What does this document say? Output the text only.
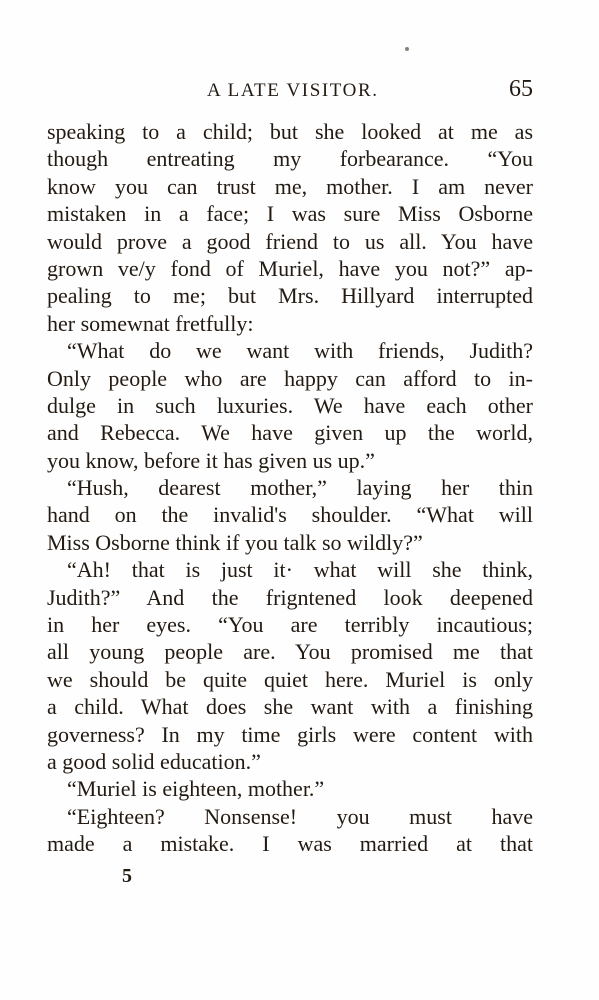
A LATE VISITOR.	65
speaking to a child; but she looked at me as
though entreating my forbearance. “You
know you can trust me, mother. I am never
mistaken in a face; I was sure Miss Osborne
would prove a good friend to us all. You have
grown ve/y fond of Muriel, have you not?” ap-
pealing to me; but Mrs. Hillyard interrupted
her somewnat fretfully:
“What do we want with friends, Judith?
Only people who are happy can afford to in-
dulge in such luxuries. We have each other
and Rebecca. We have given up the world,
you know, before it has given us up.”
“Hush, dearest mother,” laying her thin
hand on the invalid's shoulder. “What will
Miss Osborne think if you talk so wildly?”
“Ah! that is just it· what will she think,
Judith?” And the frigntened look deepened
in her eyes. “You are terribly incautious;
all young people are. You promised me that
we should be quite quiet here. Muriel is only
a child. What does she want with a finishing
governess? In my time girls were content with
a good solid education.”
“Muriel is eighteen, mother.”
“Eighteen? Nonsense! you must have
made a mistake. I was married at that
5
